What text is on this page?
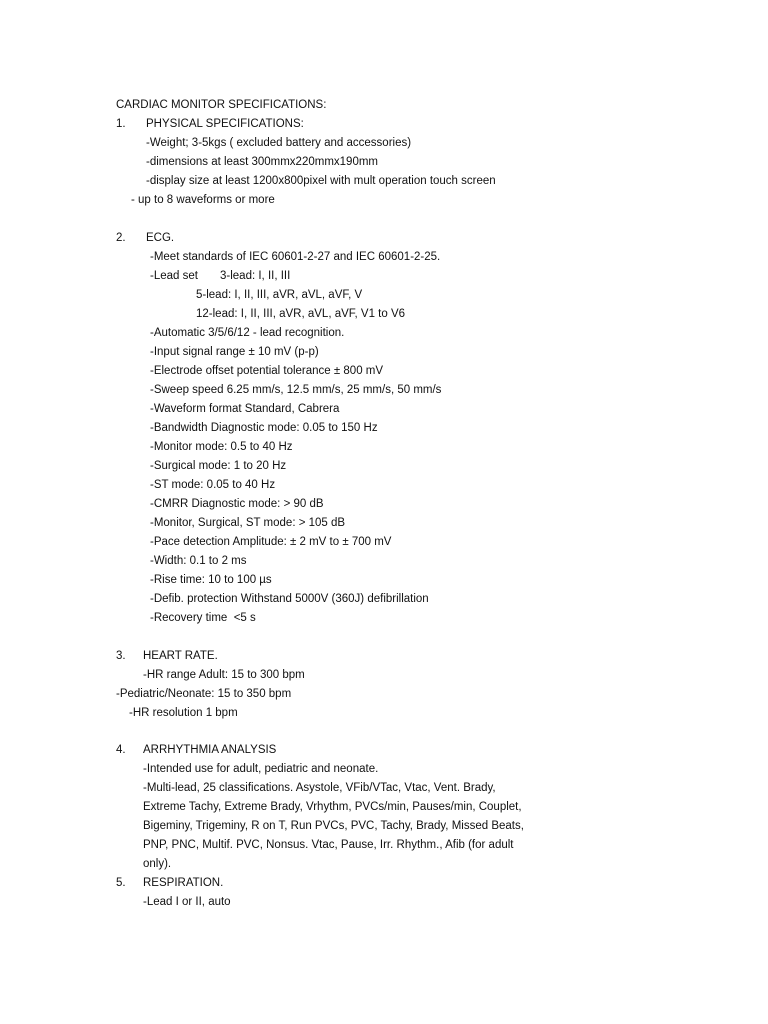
CARDIAC MONITOR SPECIFICATIONS:
1. PHYSICAL SPECIFICATIONS:
-Weight; 3-5kgs ( excluded battery and accessories)
-dimensions at least 300mmx220mmx190mm
-display size at least 1200x800pixel with mult operation touch screen
- up to 8 waveforms or more
2. ECG.
-Meet standards of IEC 60601-2-27 and IEC 60601-2-25.
-Lead set 3-lead: I, II, III
5-lead: I, II, III, aVR, aVL, aVF, V
12-lead: I, II, III, aVR, aVL, aVF, V1 to V6
-Automatic 3/5/6/12 - lead recognition.
-Input signal range ± 10 mV (p-p)
-Electrode offset potential tolerance ± 800 mV
-Sweep speed 6.25 mm/s, 12.5 mm/s, 25 mm/s, 50 mm/s
-Waveform format Standard, Cabrera
-Bandwidth Diagnostic mode: 0.05 to 150 Hz
-Monitor mode: 0.5 to 40 Hz
-Surgical mode: 1 to 20 Hz
-ST mode: 0.05 to 40 Hz
-CMRR Diagnostic mode: > 90 dB
-Monitor, Surgical, ST mode: > 105 dB
-Pace detection Amplitude: ± 2 mV to ± 700 mV
-Width: 0.1 to 2 ms
-Rise time: 10 to 100 µs
-Defib. protection Withstand 5000V (360J) defibrillation
-Recovery time  <5 s
3. HEART RATE.
-HR range Adult: 15 to 300 bpm
-Pediatric/Neonate: 15 to 350 bpm
-HR resolution 1 bpm
4. ARRHYTHMIA ANALYSIS
-Intended use for adult, pediatric and neonate.
-Multi-lead, 25 classifications. Asystole, VFib/VTac, Vtac, Vent. Brady,
Extreme Tachy, Extreme Brady, Vrhythm, PVCs/min, Pauses/min, Couplet,
Bigeminy, Trigeminy, R on T, Run PVCs, PVC, Tachy, Brady, Missed Beats,
PNP, PNC, Multif. PVC, Nonsus. Vtac, Pause, Irr. Rhythm., Afib (for adult
only).
5. RESPIRATION.
-Lead I or II, auto
